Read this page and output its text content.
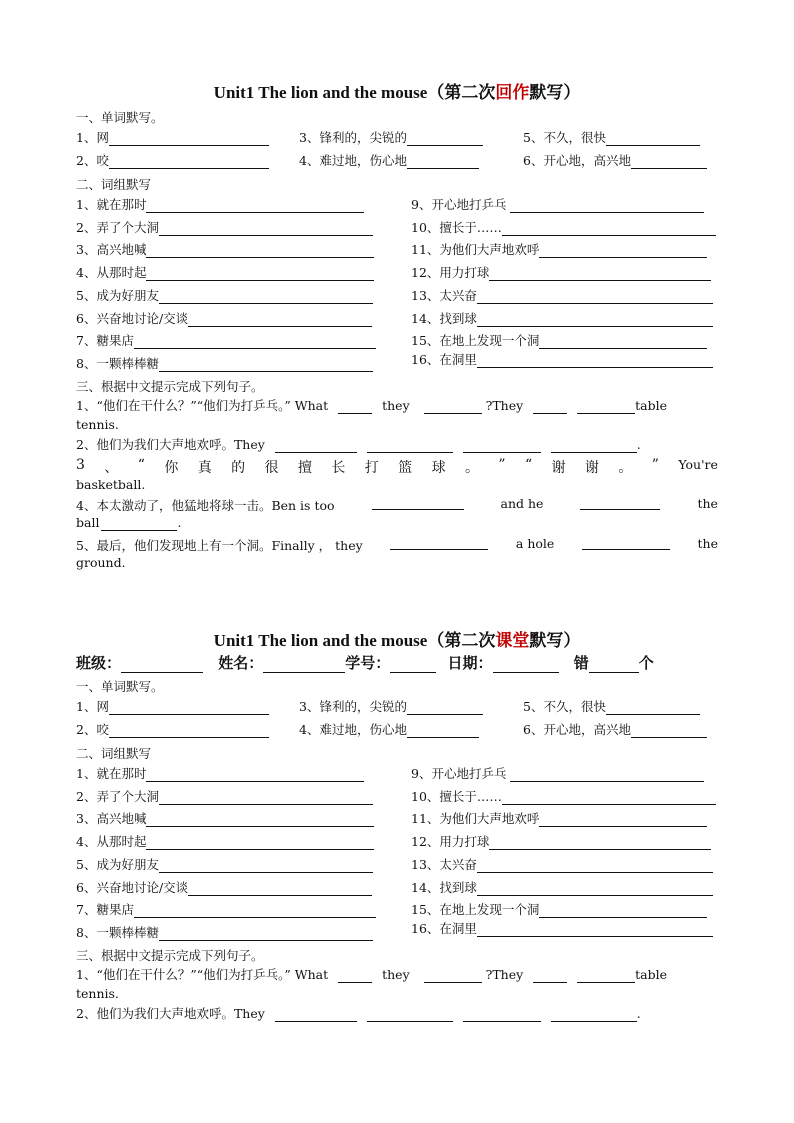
Unit1 The lion and the mouse（第二次回作默写）
一、单词默写。
1、网	3、锋利的，尖锐的	5、不久，很快
2、咬	4、难过地，伤心地	6、开心地，高兴地
二、词组默写
1、就在那时
2、弄了个大洞
3、高兴地喊
4、从那时起
5、成为好朋友
6、兴奋地讨论/交谈
7、糖果店
8、一颗棒棒糖
9、开心地打乒乓
10、擅长于……
11、为他们大声地欢呼
12、用力打球
13、太兴奋
14、找到球
15、在地上发现一个洞
16、在洞里
三、根据中文提示完成下列句子。
1、“他们在干什么？”“他们为打乒乓。” What	they	?They	table
tennis.
2、他们为我们大声地欢呼。They	.
3 、 “ 你 真 的 很 擅 长 打 篮 球 。 ” “ 谢 谢 。 ” You're
basketball.
4、本太激动了，他猛地将球一击。Ben is too	and he	the
ball	.
5、最后，他们发现地上有一个洞。Finally ， they	a hole	the
ground.
Unit1 The lion and the mouse（第二次课堂默写）
班级：	姓名：	学号：	日期：	错	个
一、单词默写。
1、网	3、锋利的，尖锐的	5、不久，很快
2、咬	4、难过地，伤心地	6、开心地，高兴地
二、词组默写
1、就在那时
2、弄了个大洞
3、高兴地喊
4、从那时起
5、成为好朋友
6、兴奋地讨论/交谈
7、糖果店
8、一颗棒棒糖
9、开心地打乒乓
10、擅长于……
11、为他们大声地欢呼
12、用力打球
13、太兴奋
14、找到球
15、在地上发现一个洞
16、在洞里
三、根据中文提示完成下列句子。
1、“他们在干什么？”“他们为打乒乓。” What	they	?They	table
tennis.
2、他们为我们大声地欢呼。They	.
